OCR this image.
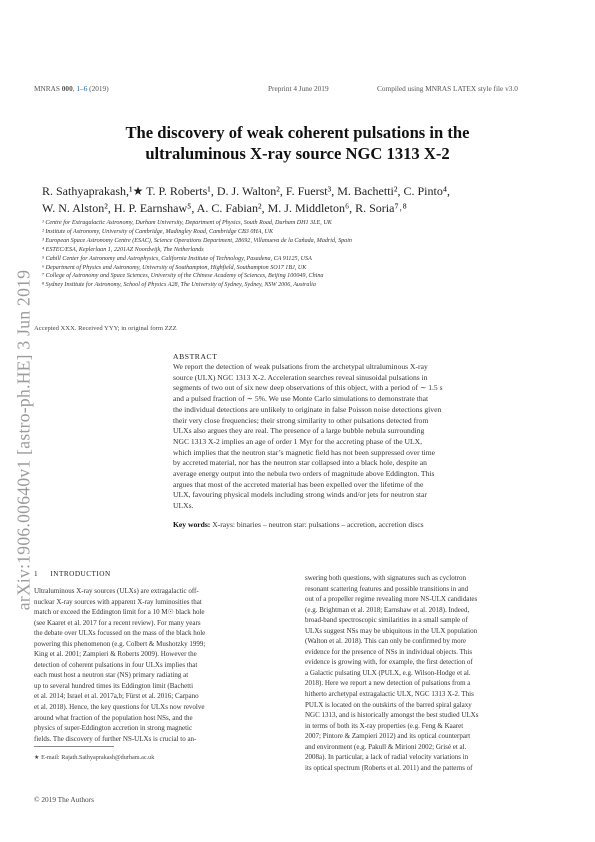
MNRAS 000, 1–6 (2019)	Preprint 4 June 2019	Compiled using MNRAS LATEX style file v3.0
arXiv:1906.00640v1 [astro-ph.HE] 3 Jun 2019
The discovery of weak coherent pulsations in the
ultraluminous X-ray source NGC 1313 X-2
R. Sathyaprakash,¹★ T. P. Roberts¹, D. J. Walton², F. Fuerst³, M. Bachetti², C. Pinto⁴,
W. N. Alston², H. P. Earnshaw⁵, A. C. Fabian², M. J. Middleton⁶, R. Soria⁷˒⁸
¹ Centre for Extragalactic Astronomy, Durham University, Department of Physics, South Road, Durham DH1 3LE, UK
² Institute of Astronomy, University of Cambridge, Madingley Road, Cambridge CB3 0HA, UK
³ European Space Astronomy Centre (ESAC), Science Operations Department, 28692, Villanueva de la Cañada, Madrid, Spain
⁴ ESTEC/ESA, Keplerlaan 1, 2201AZ Noordwijk, The Netherlands
⁵ Cahill Center for Astronomy and Astrophysics, California Institute of Technology, Pasadena, CA 91125, USA
⁶ Department of Physics and Astronomy, University of Southampton, Highfield, Southampton SO17 1BJ, UK
⁷ College of Astronomy and Space Sciences, University of the Chinese Academy of Sciences, Beijing 100049, China
⁸ Sydney Institute for Astronomy, School of Physics A28, The University of Sydney, Sydney, NSW 2006, Australia
Accepted XXX. Received YYY; in original form ZZZ
ABSTRACT
We report the detection of weak pulsations from the archetypal ultraluminous X-ray
source (ULX) NGC 1313 X-2. Acceleration searches reveal sinusoidal pulsations in
segments of two out of six new deep observations of this object, with a period of ∼ 1.5 s
and a pulsed fraction of ∼ 5%. We use Monte Carlo simulations to demonstrate that
the individual detections are unlikely to originate in false Poisson noise detections given
their very close frequencies; their strong similarity to other pulsations detected from
ULXs also argues they are real. The presence of a large bubble nebula surrounding
NGC 1313 X-2 implies an age of order 1 Myr for the accreting phase of the ULX,
which implies that the neutron star’s magnetic field has not been suppressed over time
by accreted material, nor has the neutron star collapsed into a black hole, despite an
average energy output into the nebula two orders of magnitude above Eddington. This
argues that most of the accreted material has been expelled over the lifetime of the
ULX, favouring physical models including strong winds and/or jets for neutron star
ULXs.
Key words: X-rays: binaries – neutron star: pulsations – accretion, accretion discs
1 INTRODUCTION
Ultraluminous X-ray sources (ULXs) are extragalactic off-
nuclear X-ray sources with apparent X-ray luminosities that
match or exceed the Eddington limit for a 10 M☉ black hole
(see Kaaret et al. 2017 for a recent review). For many years
the debate over ULXs focussed on the mass of the black hole
powering this phenomenon (e.g. Colbert & Mushotzky 1999;
King et al. 2001; Zampieri & Roberts 2009). However the
detection of coherent pulsations in four ULXs implies that
each must host a neutron star (NS) primary radiating at
up to several hundred times its Eddington limit (Bachetti
et al. 2014; Israel et al. 2017a,b; Fürst et al. 2016; Carpano
et al. 2018). Hence, the key questions for ULXs now revolve
around what fraction of the population host NSs, and the
physics of super-Eddington accretion in strong magnetic
fields. The discovery of further NS-ULXs is crucial to an-
swering both questions, with signatures such as cyclotron
resonant scattering features and possible transitions in and
out of a propeller regime revealing more NS-ULX candidates
(e.g. Brightman et al. 2018; Earnshaw et al. 2018). Indeed,
broad-band spectroscopic similarities in a small sample of
ULXs suggest NSs may be ubiquitous in the ULX population
(Walton et al. 2018). This can only be confirmed by more
evidence for the presence of NSs in individual objects. This
evidence is growing with, for example, the first detection of
a Galactic pulsating ULX (PULX, e.g. Wilson-Hodge et al.
2018). Here we report a new detection of pulsations from a
hitherto archetypal extragalactic ULX, NGC 1313 X-2. This
PULX is located on the outskirts of the barred spiral galaxy
NGC 1313, and is historically amongst the best studied ULXs
in terms of both its X-ray properties (e.g. Feng & Kaaret
2007; Pintore & Zampieri 2012) and its optical counterpart
and environment (e.g. Pakull & Mirioni 2002; Grisé et al.
2008a). In particular, a lack of radial velocity variations in
its optical spectrum (Roberts et al. 2011) and the patterns of
★ E-mail: Rajath.Sathyaprakash@durham.ac.uk
© 2019 The Authors
